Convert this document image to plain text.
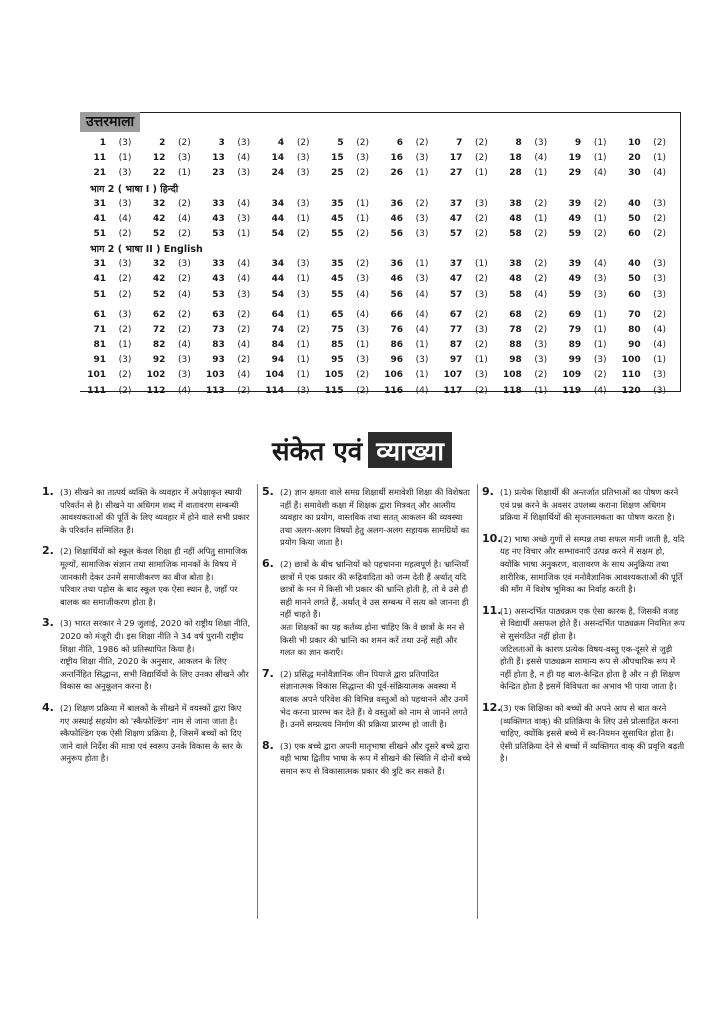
उत्तरमाला
1	(3)	2	(2)	3	(3)	4	(2)	5	(2)	6	(2)	7	(2)	8	(3)	9	(1)	10	(2)
11	(1)	12	(3)	13	(4)	14	(3)	15	(3)	16	(3)	17	(2)	18	(4)	19	(1)	20	(1)
21	(3)	22	(1)	23	(3)	24	(3)	25	(2)	26	(1)	27	(1)	28	(1)	29	(4)	30	(4)
भाग 2 ( भाषा I ) हिन्दी
31	(3)	32	(2)	33	(4)	34	(3)	35	(1)	36	(2)	37	(3)	38	(2)	39	(2)	40	(3)
41	(4)	42	(4)	43	(3)	44	(1)	45	(1)	46	(3)	47	(2)	48	(1)	49	(1)	50	(2)
51	(2)	52	(2)	53	(1)	54	(2)	55	(2)	56	(3)	57	(2)	58	(2)	59	(2)	60	(2)
भाग 2 ( भाषा II ) English
31	(3)	32	(3)	33	(4)	34	(3)	35	(2)	36	(1)	37	(1)	38	(2)	39	(4)	40	(3)
41	(2)	42	(2)	43	(4)	44	(1)	45	(3)	46	(3)	47	(2)	48	(2)	49	(3)	50	(3)
51	(2)	52	(4)	53	(3)	54	(3)	55	(4)	56	(4)	57	(3)	58	(4)	59	(3)	60	(3)
61	(3)	62	(2)	63	(2)	64	(1)	65	(4)	66	(4)	67	(2)	68	(2)	69	(1)	70	(2)
71	(2)	72	(2)	73	(2)	74	(2)	75	(3)	76	(4)	77	(3)	78	(2)	79	(1)	80	(4)
81	(1)	82	(4)	83	(4)	84	(1)	85	(1)	86	(1)	87	(2)	88	(3)	89	(1)	90	(4)
91	(3)	92	(3)	93	(2)	94	(1)	95	(3)	96	(3)	97	(1)	98	(3)	99	(3)	100	(1)
101	(2)	102	(3)	103	(4)	104	(1)	105	(2)	106	(1)	107	(3)	108	(2)	109	(2)	110	(3)
111	(2)	112	(4)	113	(2)	114	(3)	115	(2)	116	(4)	117	(2)	118	(1)	119	(4)	120	(3)
संकेत एवं व्याख्या
1. (3) सीखने का तात्पर्य व्यक्ति के व्यवहार में अपेक्षाकृत स्थायी परिवर्तन से है। सीखने या अधिगम शब्द में वातावरण सम्बन्धी आवश्यकताओं की पूर्ति के लिए व्यवहार में होने वाले सभी प्रकार के परिवर्तन सम्मिलित हैं।

2. (2) शिक्षार्थियों को स्कूल केवल शिक्षा ही नहीं अपितु सामाजिक मूल्यों, सामाजिक संज्ञान तथा सामाजिक मानकों के विषय में जानकारी देकर उनमें समाजीकरण का बीज बोता है।

परिवार तथा पड़ोस के बाद स्कूल एक ऐसा स्थान है, जहाँ पर बालक का समाजीकरण होता है।

3. (3) भारत सरकार ने 29 जुलाई, 2020 को राष्ट्रीय शिक्षा नीति, 2020 को मंजूरी दी। इस शिक्षा नीति ने 34 वर्ष पुरानी राष्ट्रीय शिक्षा नीति, 1986 को प्रतिस्थापित किया है।

राष्ट्रीय शिक्षा नीति, 2020 के अनुसार, आकलन के लिए अन्तर्निहित सिद्धान्त, सभी विद्यार्थियों के लिए उनका सीखने और विकास का अनुकूलन करना है।

4. (2) शिक्षण प्रक्रिया में बालकों के सीखने में वयस्कों द्वारा किए गए अस्थाई सहयोग को 'स्कैफोल्डिंग' नाम से जाना जाता है।

स्कैफोल्डिंग एक ऐसी शिक्षण प्रक्रिया है, जिसमें बच्चों को दिए जाने वाले निर्देश की मात्रा एवं स्वरूप उनके विकास के स्तर के अनुरूप होता है।

5. (2) ज्ञान क्षमता वाले समग्र शिक्षार्थी समावेशी शिक्षा की विशेषता नहीं हैं। समावेशी कक्षा में शिक्षक द्वारा मित्रवत् और आत्मीय व्यवहार का प्रयोग, वास्तविक तथा सतत् आकलन की व्यवस्था तथा अलग-अलग विषयों हेतु अलग-अलग सहायक सामग्रियों का प्रयोग किया जाता है।

6. (2) छात्रों के बीच भ्रान्तियों को पहचानना महत्वपूर्ण है। भ्रान्तियाँ छात्रों में एक प्रकार की रूढ़िवादिता को जन्म देती हैं अर्थात् यदि छात्रों के मन में किसी भी प्रकार की भ्रान्ति होती है, तो वे उसे ही सही मानने लगते हैं, अर्थात् वे उस सम्बन्ध में सत्य को जानना ही नहीं चाहते हैं।

अतः शिक्षकों का यह कर्तव्य होना चाहिए कि वे छात्रों के मन से किसी भी प्रकार की भ्रान्ति का शमन करें तथा उन्हें सही और गलत का ज्ञान कराएँ।

7. (2) प्रसिद्ध मनोवैज्ञानिक जीन पियाजे द्वारा प्रतिपादित संज्ञानात्मक विकास सिद्धान्त की पूर्व-संक्रियात्मक अवस्था में बालक अपने परिवेश की विभिन्न वस्तुओं को पहचानने और उनमें भेद करना प्रारम्भ कर देते हैं। वे वस्तुओं को नाम से जानने लगते हैं। उनमें सम्प्रत्यय निर्माण की प्रक्रिया प्रारम्भ हो जाती है।

8. (3) एक बच्चे द्वारा अपनी मातृभाषा सीखने और दूसरे बच्चे द्वारा वही भाषा द्वितीय भाषा के रूप में सीखने की स्थिति में दोनों बच्चे समान रूप से विकासात्मक प्रकार की त्रुटि कर सकते हैं।

9. (1) प्रत्येक शिक्षार्थी की अन्तर्जात प्रतिभाओं का पोषण करने एवं प्रश्न करने के अवसर उपलब्ध कराना शिक्षण अधिगम प्रक्रिया में शिक्षार्थियों की सृजनात्मकता का पोषण करता है।

10.

(2) भाषा अच्छे गुणों से सम्पन्न तथा सफल मानी जाती है, यदि यह नए विचार और सम्भावनाएँ उत्पन्न करने में सक्षम हो, क्योंकि भाषा अनुकरण, वातावरण के साथ अनुक्रिया तथा शारीरिक, सामाजिक एवं मनोवैज्ञानिक आवश्यकताओं की पूर्ति की माँग में विशेष भूमिका का निर्वाह करती है।

11.

(1) असन्दर्भित पाठ्यक्रम एक ऐसा कारक है, जिसकी वजह से विद्यार्थी असफल होते हैं। असन्दर्भित पाठ्यक्रम नियमित रूप से सुसंगठित नहीं होता है।

जटिलताओं के कारण प्रत्येक विषय-वस्तु एक-दूसरे से जुड़ी होती हैं। इससे पाठ्यक्रम सामान्य रूप से औपचारिक रूप में नहीं होता है, न ही यह बाल-केन्द्रित होता है और न ही शिक्षण केन्द्रित होता है इसमें विविधता का अभाव भी पाया जाता है।

12.

(3) एक शिक्षिका को बच्चों की अपने आप से बात करने (व्यक्तिगत वाक्) की प्रतिक्रिया के लिए उसे प्रोत्साहित करना चाहिए, क्योंकि इससे बच्चे में स्व-नियमन सुसाधित होता है। ऐसी प्रतिक्रिया देने से बच्चों में व्यक्तिगत वाक् की प्रवृत्ति बढ़ती है।
